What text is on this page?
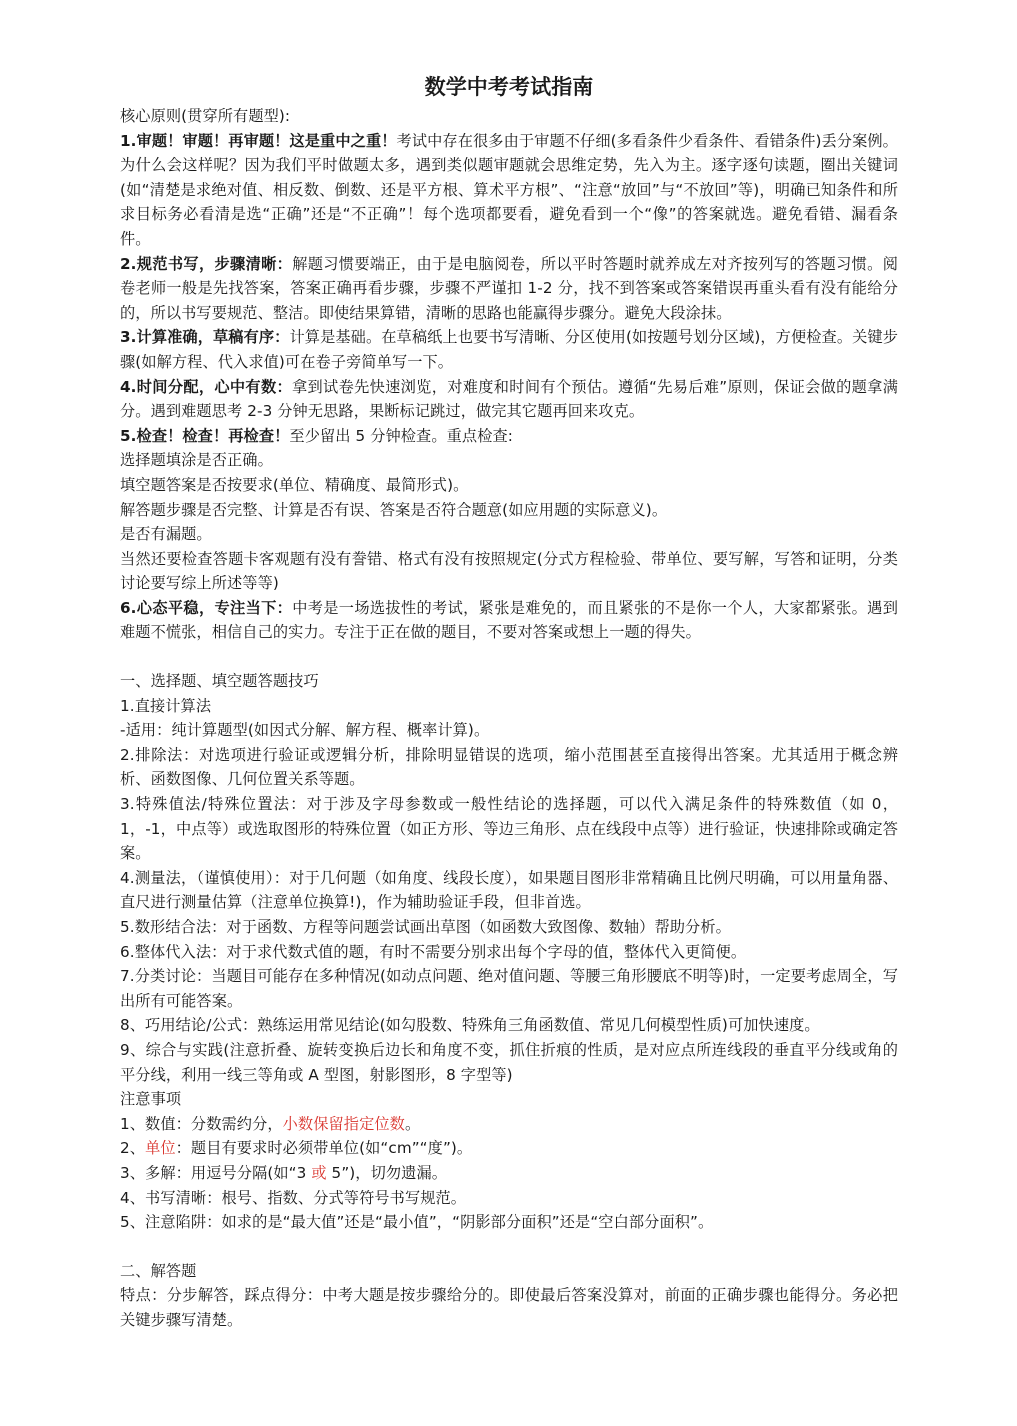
数学中考考试指南

核心原则(贯穿所有题型):

1.审题！审题！再审题！这是重中之重！考试中存在很多由于审题不仔细(多看条件少看条件、看错条件)丢分案例。为什么会这样呢？因为我们平时做题太多，遇到类似题审题就会思维定势，先入为主。逐字逐句读题，圈出关键词(如“清楚是求绝对值、相反数、倒数、还是平方根、算术平方根”、“注意“放回”与“不放回”等)，明确已知条件和所求目标务必看清是选“正确”还是“不正确”！每个选项都要看，避免看到一个“像”的答案就选。避免看错、漏看条件。

2.规范书写，步骤清晰：解题习惯要端正，由于是电脑阅卷，所以平时答题时就养成左对齐按列写的答题习惯。阅卷老师一般是先找答案，答案正确再看步骤，步骤不严谨扣 1-2 分，找不到答案或答案错误再重头看有没有能给分的，所以书写要规范、整洁。即使结果算错，清晰的思路也能赢得步骤分。避免大段涂抹。

3.计算准确，草稿有序：计算是基础。在草稿纸上也要书写清晰、分区使用(如按题号划分区域)，方便检查。关键步骤(如解方程、代入求值)可在卷子旁简单写一下。

4.时间分配，心中有数：拿到试卷先快速浏览，对难度和时间有个预估。遵循“先易后难”原则，保证会做的题拿满分。遇到难题思考 2-3 分钟无思路，果断标记跳过，做完其它题再回来攻克。

5.检查！检查！再检查！至少留出 5 分钟检查。重点检查:

选择题填涂是否正确。

填空题答案是否按要求(单位、精确度、最简形式)。

解答题步骤是否完整、计算是否有误、答案是否符合题意(如应用题的实际意义)。

是否有漏题。

当然还要检查答题卡客观题有没有誊错、格式有没有按照规定(分式方程检验、带单位、要写解，写答和证明，分类讨论要写综上所述等等)

6.心态平稳，专注当下：中考是一场选拔性的考试，紧张是难免的，而且紧张的不是你一个人，大家都紧张。遇到难题不慌张，相信自己的实力。专注于正在做的题目，不要对答案或想上一题的得失。

一、选择题、填空题答题技巧

1.直接计算法

-适用：纯计算题型(如因式分解、解方程、概率计算)。

2.排除法：对选项进行验证或逻辑分析，排除明显错误的选项，缩小范围甚至直接得出答案。尤其适用于概念辨析、函数图像、几何位置关系等题。

3.特殊值法/特殊位置法：对于涉及字母参数或一般性结论的选择题，可以代入满足条件的特殊数值（如 0，1，-1，中点等）或选取图形的特殊位置（如正方形、等边三角形、点在线段中点等）进行验证，快速排除或确定答案。

4.测量法，（谨慎使用）：对于几何题（如角度、线段长度），如果题目图形非常精确且比例尺明确，可以用量角器、直尺进行测量估算（注意单位换算!)，作为辅助验证手段，但非首选。

5.数形结合法：对于函数、方程等问题尝试画出草图（如函数大致图像、数轴）帮助分析。

6.整体代入法：对于求代数式值的题，有时不需要分别求出每个字母的值，整体代入更简便。

7.分类讨论：当题目可能存在多种情况(如动点问题、绝对值问题、等腰三角形腰底不明等)时，一定要考虑周全，写出所有可能答案。

8、巧用结论/公式：熟练运用常见结论(如勾股数、特殊角三角函数值、常见几何模型性质)可加快速度。

9、综合与实践(注意折叠、旋转变换后边长和角度不变，抓住折痕的性质，是对应点所连线段的垂直平分线或角的平分线，利用一线三等角或 A 型图，射影图形，8 字型等)

注意事项

1、数值：分数需约分，小数保留指定位数。

2、单位：题目有要求时必须带单位(如“cm”“度”)。

3、多解：用逗号分隔(如“3 或 5”)，切勿遗漏。

4、书写清晰：根号、指数、分式等符号书写规范。

5、注意陷阱：如求的是“最大值”还是“最小值”，“阴影部分面积”还是“空白部分面积”。

二、解答题

特点：分步解答，踩点得分：中考大题是按步骤给分的。即使最后答案没算对，前面的正确步骤也能得分。务必把关键步骤写清楚。
